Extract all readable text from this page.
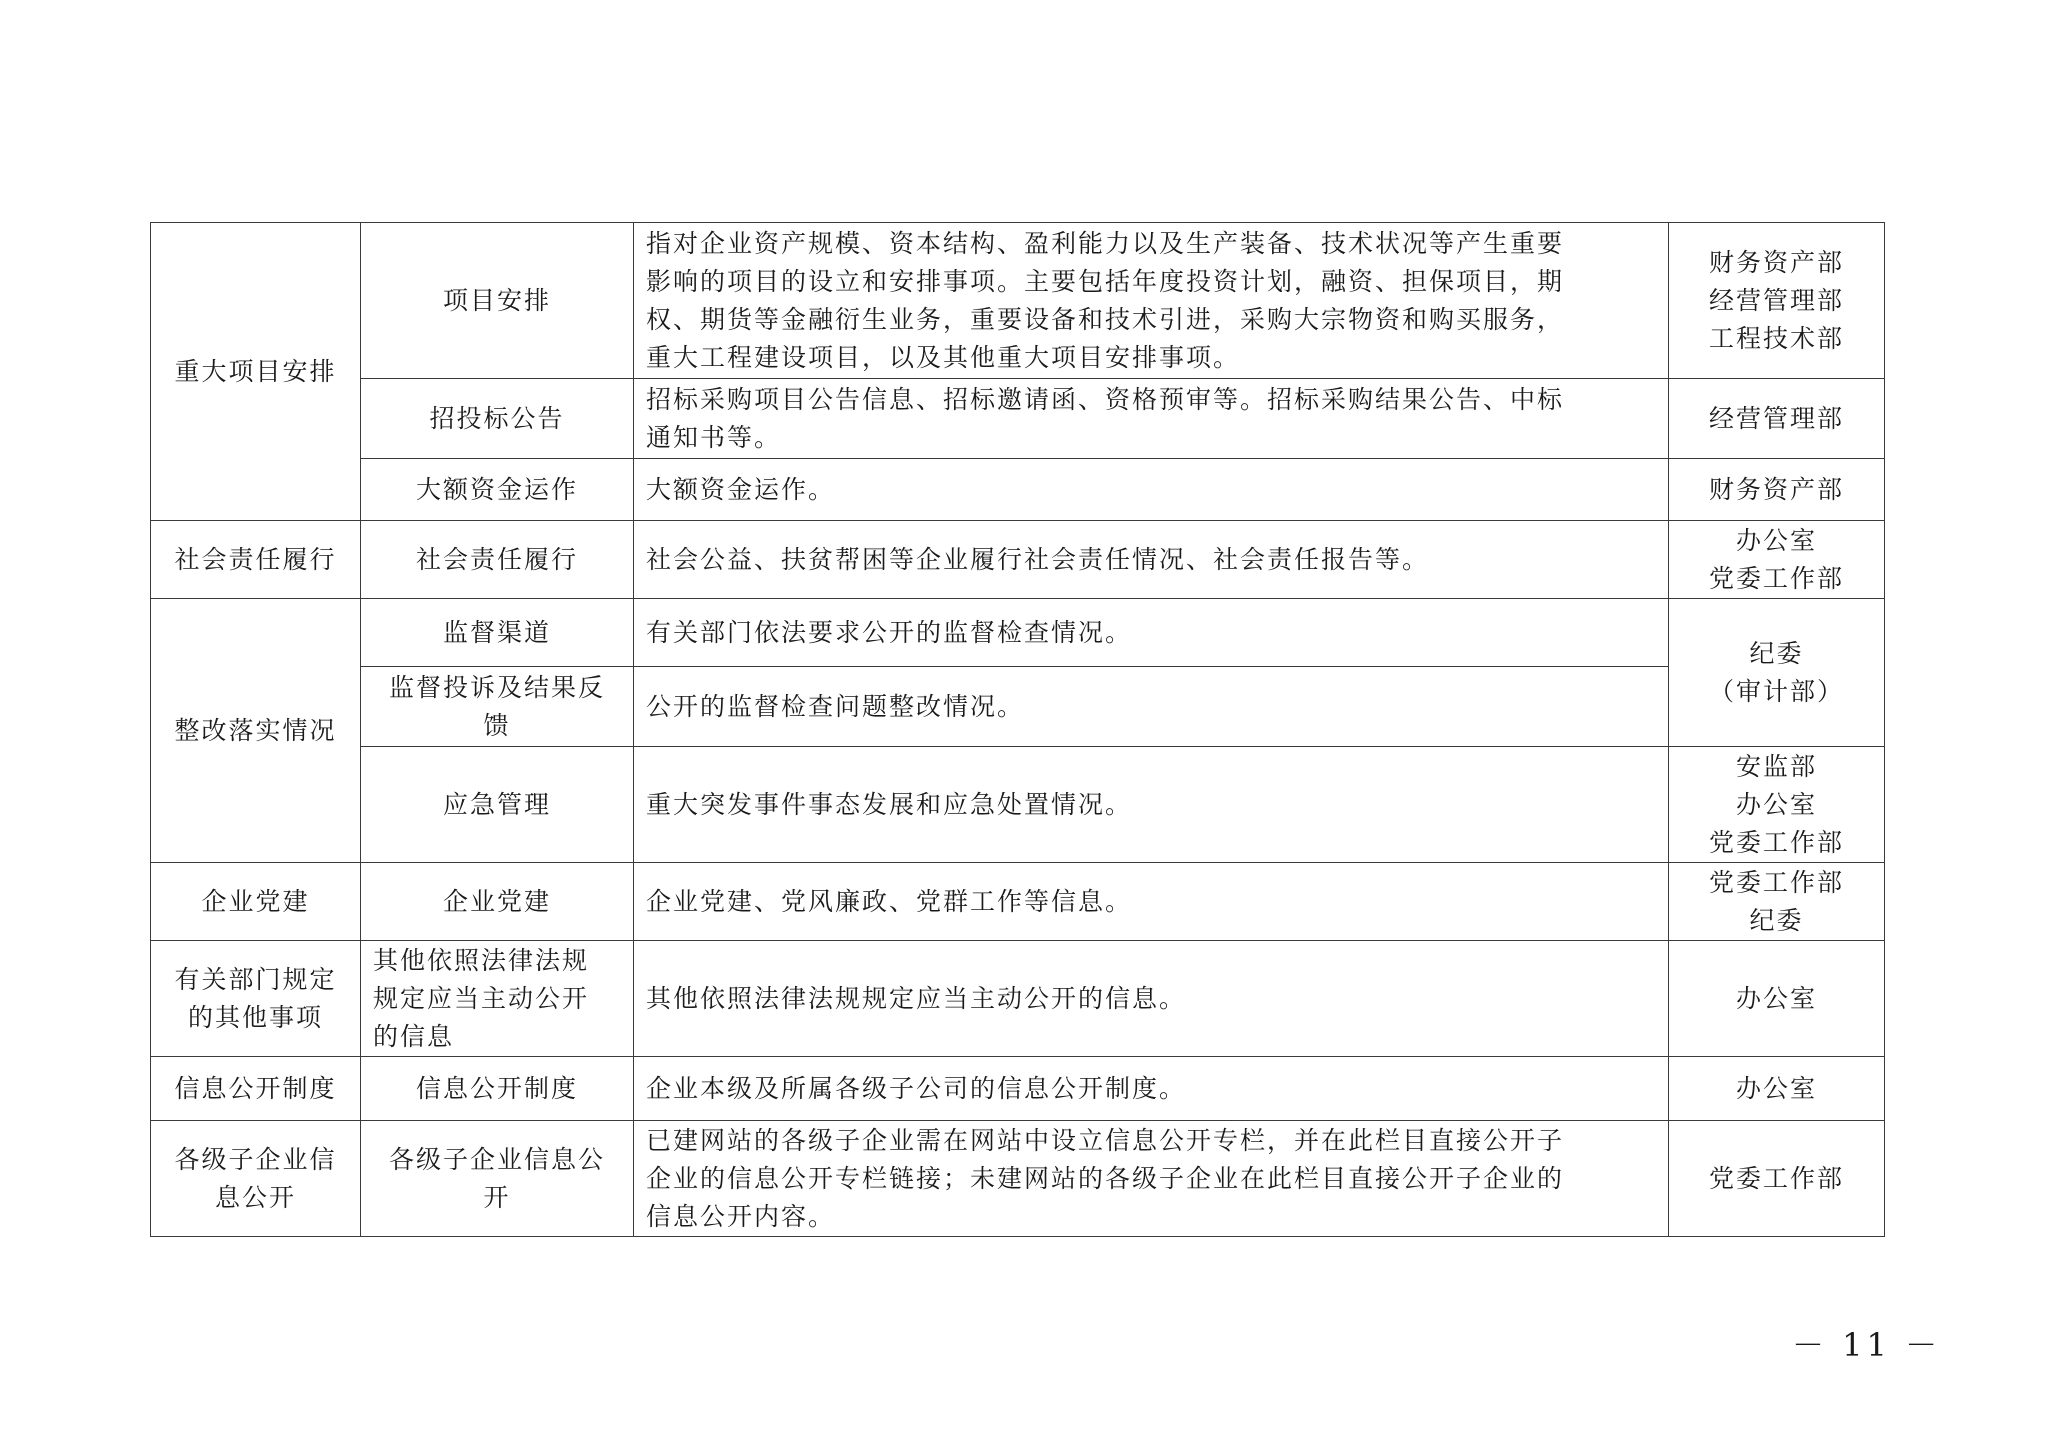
重大项目安排	项目安排	指对企业资产规模、资本结构、盈利能力以及生产装备、技术状况等产生重要
影响的项目的设立和安排事项。主要包括年度投资计划，融资、担保项目，期
权、期货等金融衍生业务，重要设备和技术引进，采购大宗物资和购买服务，
重大工程建设项目，以及其他重大项目安排事项。	财务资产部
经营管理部
工程技术部

	招投标公告	招标采购项目公告信息、招标邀请函、资格预审等。招标采购结果公告、中标
通知书等。	经营管理部

	大额资金运作	大额资金运作。	财务资产部

社会责任履行	社会责任履行	社会公益、扶贫帮困等企业履行社会责任情况、社会责任报告等。	办公室
党委工作部

整改落实情况	监督渠道	有关部门依法要求公开的监督检查情况。	纪委
（审计部）

	监督投诉及结果反
馈	公开的监督检查问题整改情况。	

	应急管理	重大突发事件事态发展和应急处置情况。	安监部
办公室
党委工作部

企业党建	企业党建	企业党建、党风廉政、党群工作等信息。	党委工作部
纪委

有关部门规定
的其他事项	其他依照法律法规
规定应当主动公开
的信息	其他依照法律法规规定应当主动公开的信息。	办公室

信息公开制度	信息公开制度	企业本级及所属各级子公司的信息公开制度。	办公室

各级子企业信
息公开	各级子企业信息公
开	已建网站的各级子企业需在网站中设立信息公开专栏，并在此栏目直接公开子
企业的信息公开专栏链接；未建网站的各级子企业在此栏目直接公开子企业的
信息公开内容。	党委工作部
－ 11 －
